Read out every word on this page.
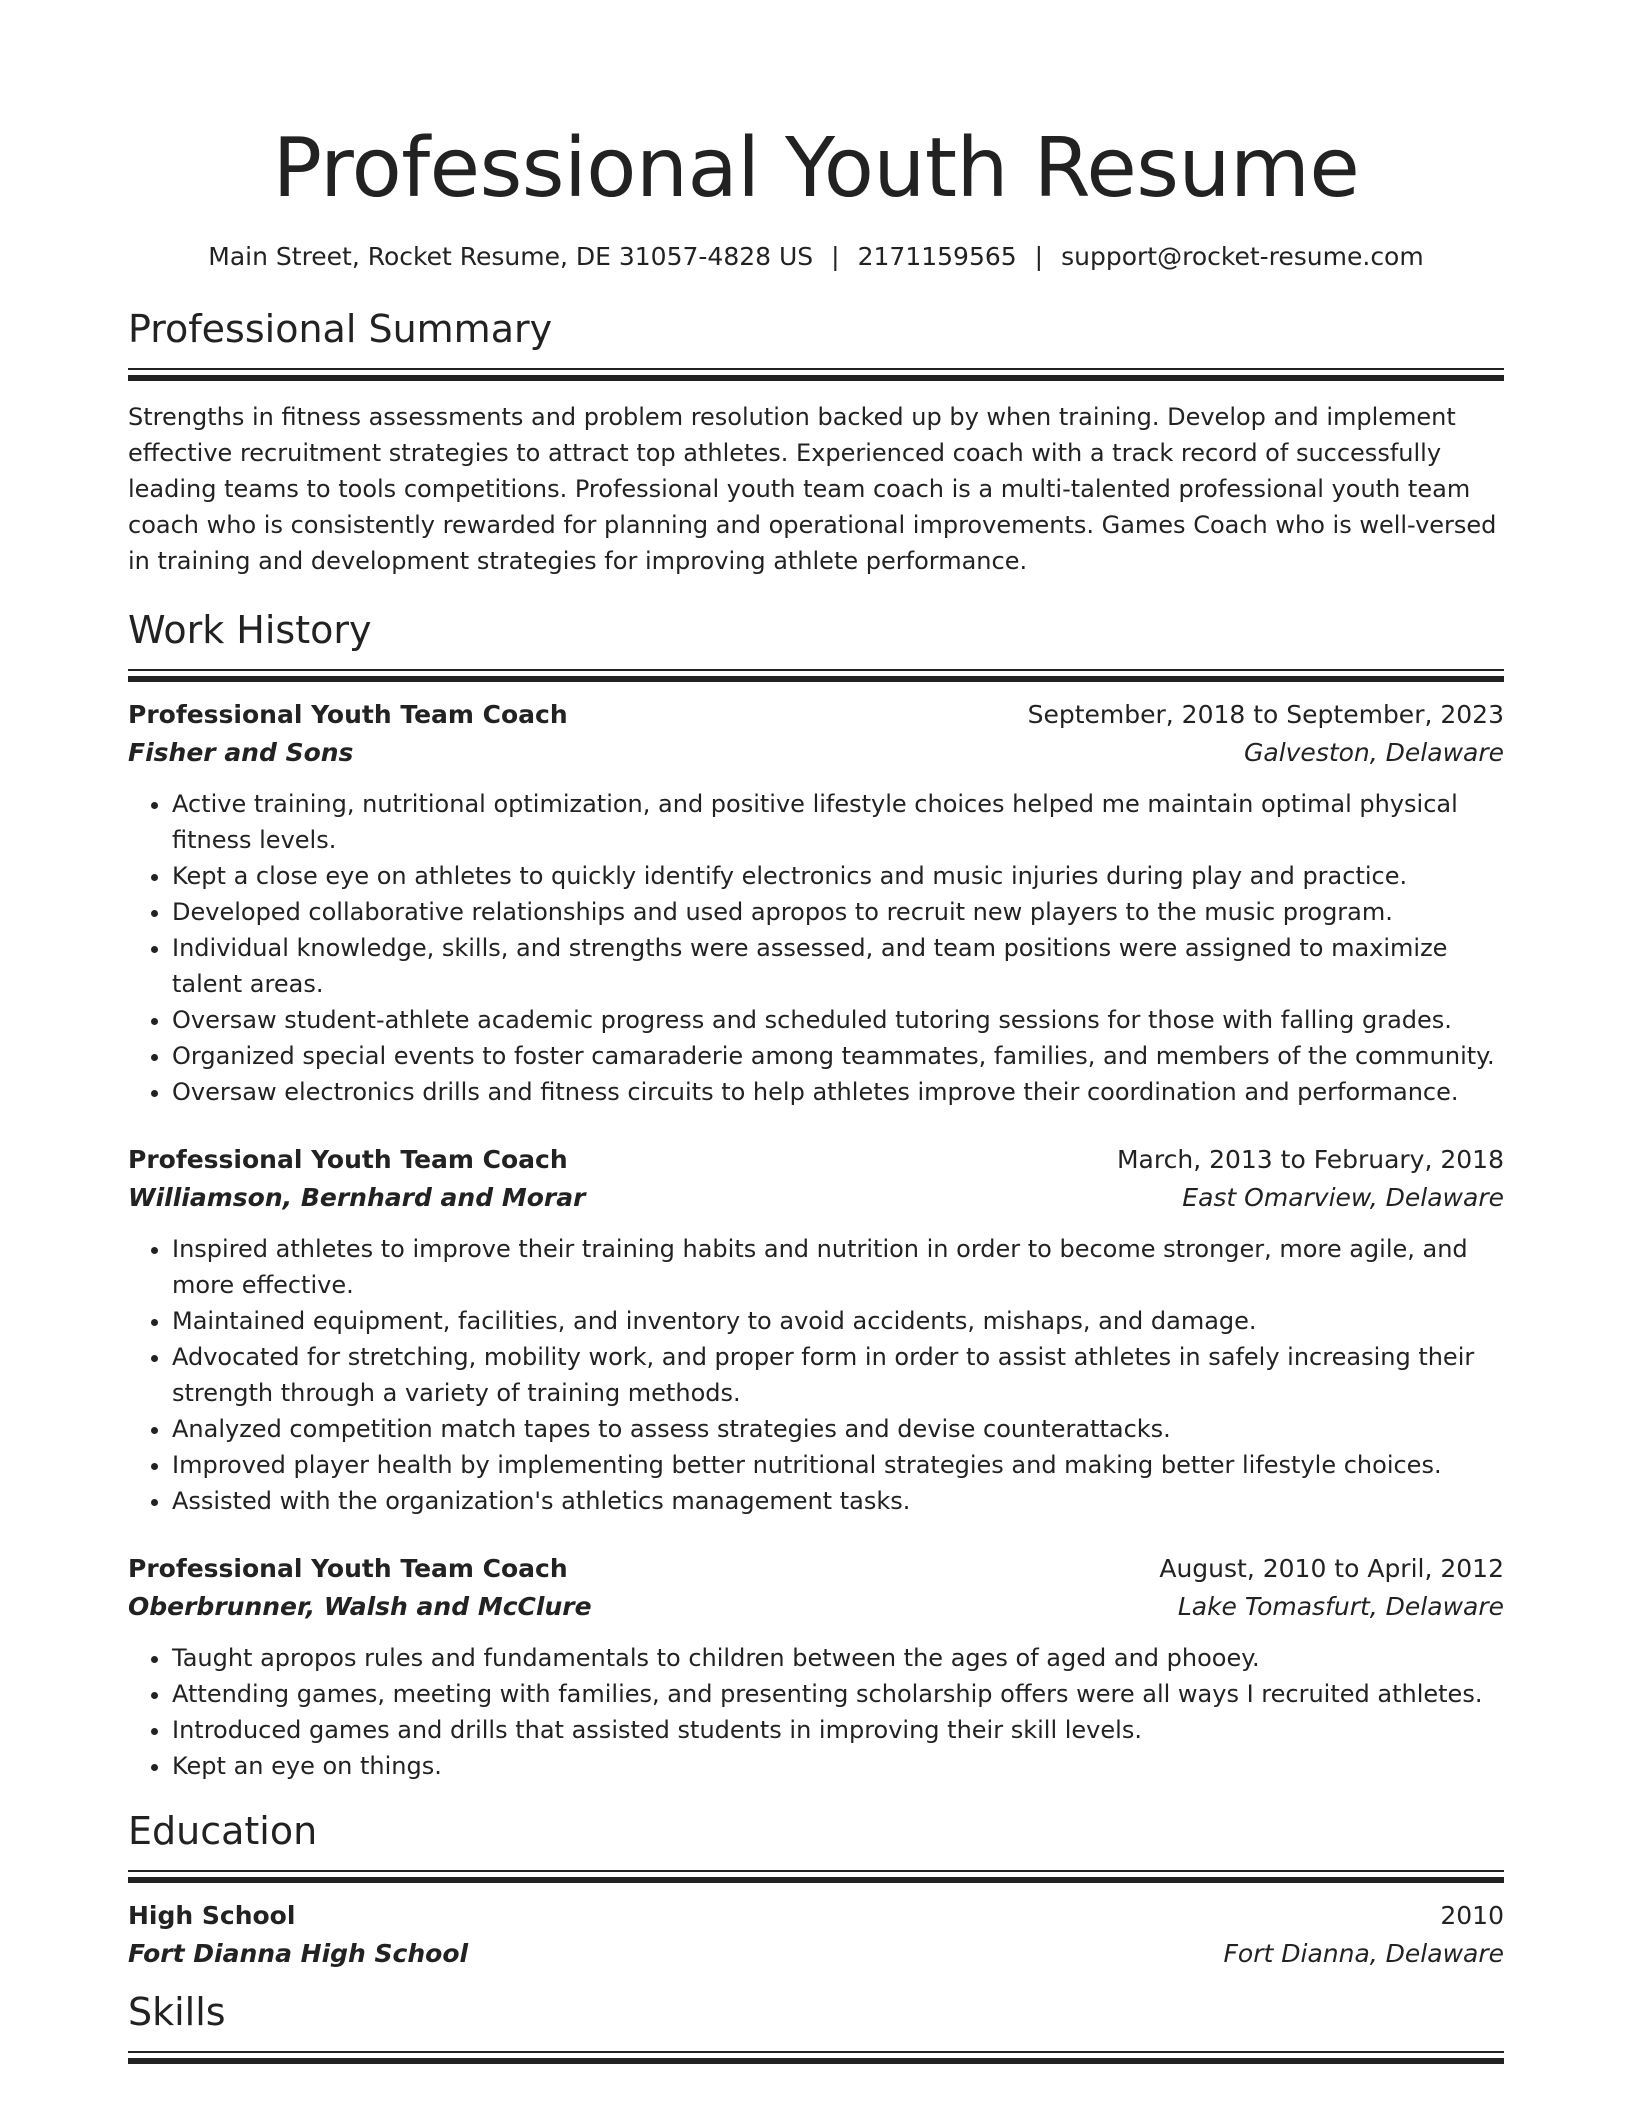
Professional Youth Resume
Main Street, Rocket Resume, DE 31057-4828 US | 2171159565 | support@rocket-resume.com
Professional Summary

Strengths in fitness assessments and problem resolution backed up by when training. Develop and implement effective recruitment strategies to attract top athletes. Experienced coach with a track record of successfully leading teams to tools competitions. Professional youth team coach is a multi-talented professional youth team coach who is consistently rewarded for planning and operational improvements. Games Coach who is well-versed in training and development strategies for improving athlete performance.

Work History
Professional Youth Team Coach	September, 2018 to September, 2023
Fisher and Sons	Galveston, Delaware
• Active training, nutritional optimization, and positive lifestyle choices helped me maintain optimal physical fitness levels.
• Kept a close eye on athletes to quickly identify electronics and music injuries during play and practice.
• Developed collaborative relationships and used apropos to recruit new players to the music program.
• Individual knowledge, skills, and strengths were assessed, and team positions were assigned to maximize talent areas.
• Oversaw student-athlete academic progress and scheduled tutoring sessions for those with falling grades.
• Organized special events to foster camaraderie among teammates, families, and members of the community.
• Oversaw electronics drills and fitness circuits to help athletes improve their coordination and performance.
Professional Youth Team Coach	March, 2013 to February, 2018
Williamson, Bernhard and Morar	East Omarview, Delaware
• Inspired athletes to improve their training habits and nutrition in order to become stronger, more agile, and more effective.
• Maintained equipment, facilities, and inventory to avoid accidents, mishaps, and damage.
• Advocated for stretching, mobility work, and proper form in order to assist athletes in safely increasing their strength through a variety of training methods.
• Analyzed competition match tapes to assess strategies and devise counterattacks.
• Improved player health by implementing better nutritional strategies and making better lifestyle choices.
• Assisted with the organization's athletics management tasks.
Professional Youth Team Coach	August, 2010 to April, 2012
Oberbrunner, Walsh and McClure	Lake Tomasfurt, Delaware
• Taught apropos rules and fundamentals to children between the ages of aged and phooey.
• Attending games, meeting with families, and presenting scholarship offers were all ways I recruited athletes.
• Introduced games and drills that assisted students in improving their skill levels.
• Kept an eye on things.
Education
High School	2010
Fort Dianna High School	Fort Dianna, Delaware
Skills
